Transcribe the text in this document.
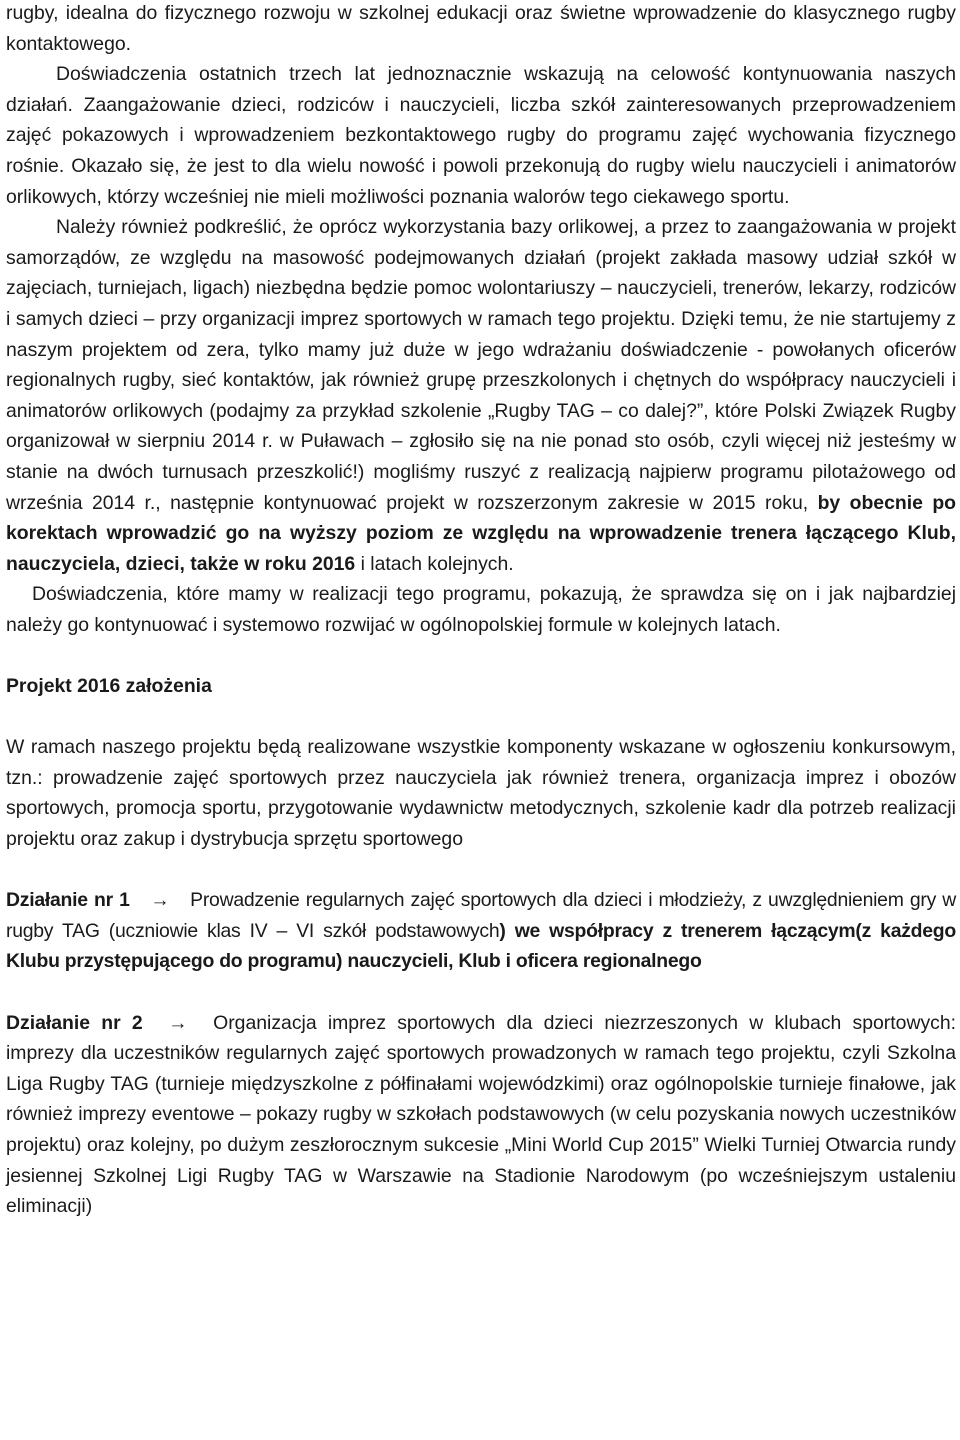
rugby, idealna do fizycznego rozwoju w szkolnej edukacji oraz świetne wprowadzenie do klasycznego rugby kontaktowego.

Doświadczenia ostatnich trzech lat jednoznacznie wskazują na celowość kontynuowania naszych działań. Zaangażowanie dzieci, rodziców i nauczycieli, liczba szkół zainteresowanych przeprowadzeniem zajęć pokazowych i wprowadzeniem bezkontaktowego rugby do programu zajęć wychowania fizycznego rośnie. Okazało się, że jest to dla wielu nowość i powoli przekonują do rugby wielu nauczycieli i animatorów orlikowych, którzy wcześniej nie mieli możliwości poznania walorów tego ciekawego sportu.

Należy również podkreślić, że oprócz wykorzystania bazy orlikowej, a przez to zaangażowania w projekt samorządów, ze względu na masowość podejmowanych działań (projekt zakłada masowy udział szkół w zajęciach, turniejach, ligach) niezbędna będzie pomoc wolontariuszy – nauczycieli, trenerów, lekarzy, rodziców i samych dzieci – przy organizacji imprez sportowych w ramach tego projektu. Dzięki temu, że nie startujemy z naszym projektem od zera, tylko mamy już duże w jego wdrażaniu doświadczenie - powołanych oficerów regionalnych rugby, sieć kontaktów, jak również grupę przeszkolonych i chętnych do współpracy nauczycieli i animatorów orlikowych (podajmy za przykład szkolenie „Rugby TAG – co dalej?”, które Polski Związek Rugby organizował w sierpniu 2014 r. w Puławach – zgłosiło się na nie ponad sto osób, czyli więcej niż jesteśmy w stanie na dwóch turnusach przeszkolić!) mogliśmy ruszyć z realizacją najpierw programu pilotażowego od września 2014 r., następnie kontynuować projekt w rozszerzonym zakresie w 2015 roku, by obecnie po korektach wprowadzić go na wyższy poziom ze względu na wprowadzenie trenera łączącego Klub, nauczyciela, dzieci, także w roku 2016 i latach kolejnych.

Doświadczenia, które mamy w realizacji tego programu, pokazują, że sprawdza się on i jak najbardziej należy go kontynuować i systemowo rozwijać w ogólnopolskiej formule w kolejnych latach.

Projekt 2016 założenia

W ramach naszego projektu będą realizowane wszystkie komponenty wskazane w ogłoszeniu konkursowym, tzn.: prowadzenie zajęć sportowych przez nauczyciela jak również trenera, organizacja imprez i obozów sportowych, promocja sportu, przygotowanie wydawnictw metodycznych, szkolenie kadr dla potrzeb realizacji projektu oraz zakup i dystrybucja sprzętu sportowego

Działanie nr 1 → Prowadzenie regularnych zajęć sportowych dla dzieci i młodzieży, z uwzględnieniem gry w rugby TAG (uczniowie klas IV – VI szkół podstawowych) we współpracy z trenerem łączącym(z każdego Klubu przystępującego do programu) nauczycieli, Klub i oficera regionalnego

Działanie nr 2 → Organizacja imprez sportowych dla dzieci niezrzeszonych w klubach sportowych: imprezy dla uczestników regularnych zajęć sportowych prowadzonych w ramach tego projektu, czyli Szkolna Liga Rugby TAG (turnieje międzyszkolne z półfinałami wojewódzkimi) oraz ogólnopolskie turnieje finałowe, jak również imprezy eventowe – pokazy rugby w szkołach podstawowych (w celu pozyskania nowych uczestników projektu) oraz kolejny, po dużym zeszłorocznym sukcesie „Mini World Cup 2015” Wielki Turniej Otwarcia rundy jesiennej Szkolnej Ligi Rugby TAG w Warszawie na Stadionie Narodowym (po wcześniejszym ustaleniu eliminacji)
